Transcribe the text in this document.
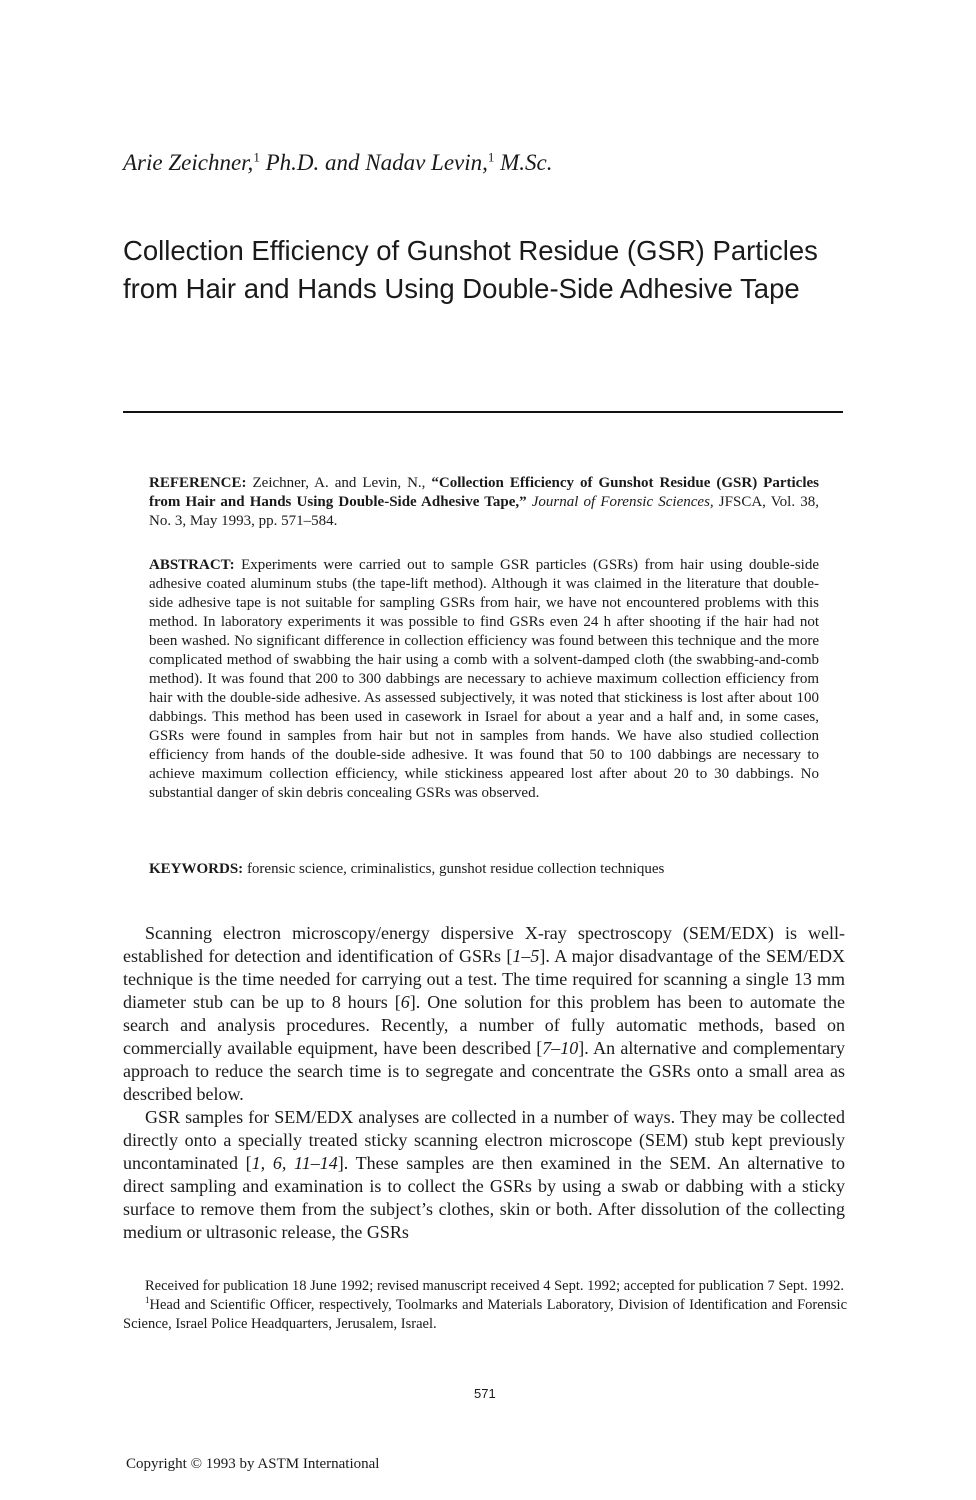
Arie Zeichner,$^1$ Ph.D. and Nadav Levin,$^1$ M.Sc.
Collection Efficiency of Gunshot Residue (GSR) Particles from Hair and Hands Using Double-Side Adhesive Tape
REFERENCE: Zeichner, A. and Levin, N., “Collection Efficiency of Gunshot Residue (GSR) Particles from Hair and Hands Using Double-Side Adhesive Tape,” Journal of Forensic Sciences, JFSCA, Vol. 38, No. 3, May 1993, pp. 571–584.
ABSTRACT: Experiments were carried out to sample GSR particles (GSRs) from hair using double-side adhesive coated aluminum stubs (the tape-lift method). Although it was claimed in the literature that double-side adhesive tape is not suitable for sampling GSRs from hair, we have not encountered problems with this method. In laboratory experiments it was possible to find GSRs even 24 h after shooting if the hair had not been washed. No significant difference in collection efficiency was found between this technique and the more complicated method of swabbing the hair using a comb with a solvent-damped cloth (the swabbing-and-comb method). It was found that 200 to 300 dabbings are necessary to achieve maximum collection efficiency from hair with the double-side adhesive. As assessed subjectively, it was noted that stickiness is lost after about 100 dabbings. This method has been used in casework in Israel for about a year and a half and, in some cases, GSRs were found in samples from hair but not in samples from hands. We have also studied collection efficiency from hands of the double-side adhesive. It was found that 50 to 100 dabbings are necessary to achieve maximum collection efficiency, while stickiness appeared lost after about 20 to 30 dabbings. No substantial danger of skin debris concealing GSRs was observed.
KEYWORDS: forensic science, criminalistics, gunshot residue collection techniques

Scanning electron microscopy/energy dispersive X-ray spectroscopy (SEM/EDX) is well-established for detection and identification of GSRs [1–5]. A major disadvantage of the SEM/EDX technique is the time needed for carrying out a test. The time required for scanning a single 13 mm diameter stub can be up to 8 hours [6]. One solution for this problem has been to automate the search and analysis procedures. Recently, a number of fully automatic methods, based on commercially available equipment, have been described [7–10]. An alternative and complementary approach to reduce the search time is to segregate and concentrate the GSRs onto a small area as described below.

GSR samples for SEM/EDX analyses are collected in a number of ways. They may be collected directly onto a specially treated sticky scanning electron microscope (SEM) stub kept previously uncontaminated [1, 6, 11–14]. These samples are then examined in the SEM. An alternative to direct sampling and examination is to collect the GSRs by using a swab or dabbing with a sticky surface to remove them from the subject’s clothes, skin or both. After dissolution of the collecting medium or ultrasonic release, the GSRs

Received for publication 18 June 1992; revised manuscript received 4 Sept. 1992; accepted for publication 7 Sept. 1992.

$^1$Head and Scientific Officer, respectively, Toolmarks and Materials Laboratory, Division of Identification and Forensic Science, Israel Police Headquarters, Jerusalem, Israel.

571
Copyright © 1993 by ASTM International
